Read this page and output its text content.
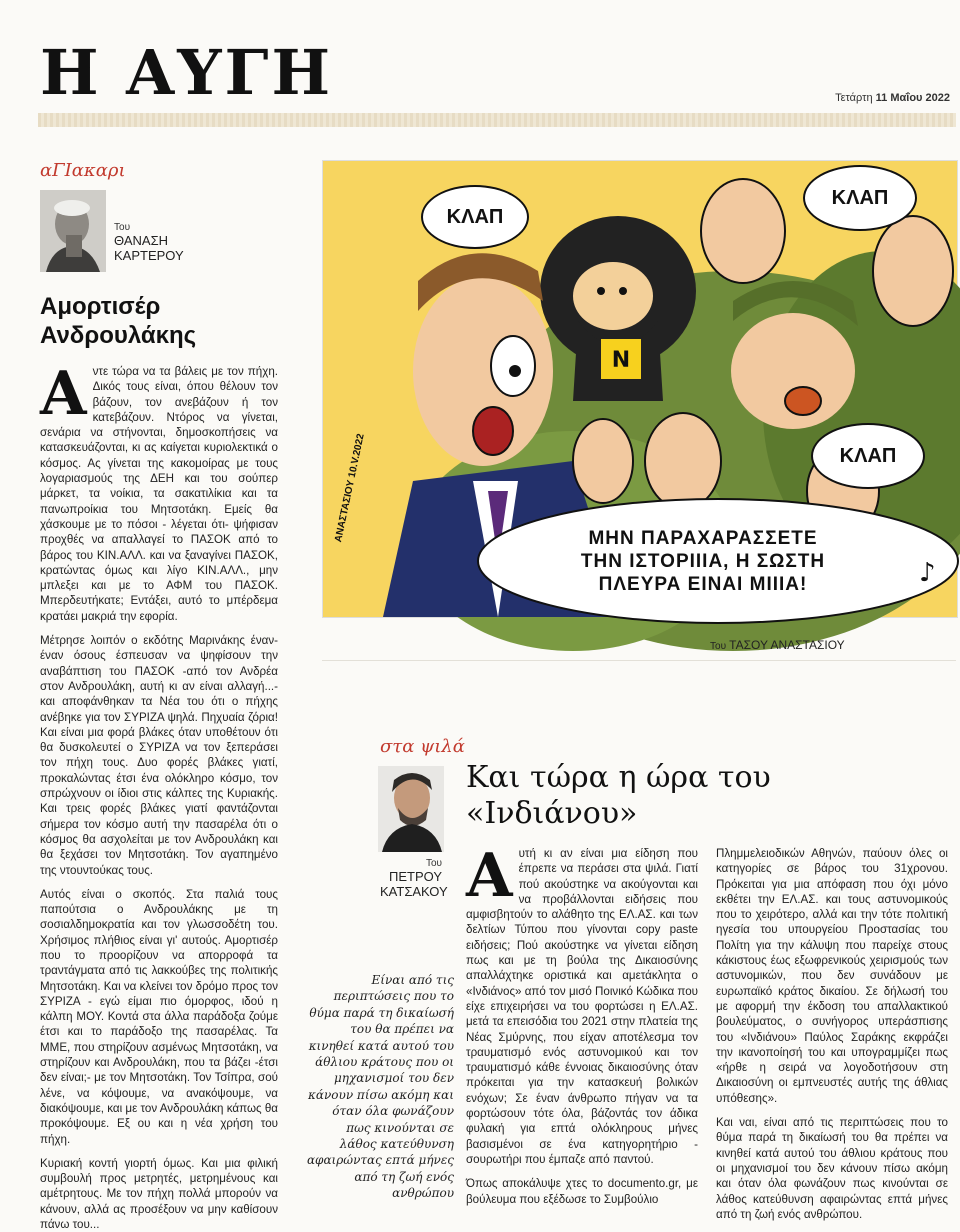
Η ΑΥΓΗ	Τετάρτη 11 Μαΐου 2022
αΓΙακαρι
Του
ΘΑΝΑΣΗ
ΚΑΡΤΕΡΟΥ
Αμορτισέρ
Ανδρουλάκης

Αντε τώρα να τα βάλεις με τον πήχη. Δικός τους είναι, όπου θέλουν τον βάζουν, τον ανεβάζουν ή τον κατεβάζουν. Ντόρος να γίνεται, σενάρια να στήνονται, δημοσκοπήσεις να κατασκευάζονται, κι ας καίγεται κυριολεκτικά ο κόσμος. Ας γίνεται της κακομοίρας με τους λογαριασμούς της ΔΕΗ και του σούπερ μάρκετ, τα νοίκια, τα σακατιλίκια και τα πανωπροίκια του Μητσοτάκη. Εμείς θα χάσκουμε με το πόσοι - λέγεται ότι- ψήφισαν προχθές να απαλλαγεί το ΠΑΣΟΚ από το βάρος του ΚΙΝ.ΑΛΛ. και να ξαναγίνει ΠΑΣΟΚ, κρατώντας όμως και λίγο ΚΙΝ.ΑΛΛ., μην μπλεξει και με το ΑΦΜ του ΠΑΣΟΚ. Μπερδευτήκατε; Εντάξει, αυτό το μπέρδεμα κρατάει μακριά την εφορία.

Μέτρησε λοιπόν ο εκδότης Μαρινάκης έναν-έναν όσους έσπευσαν να ψηφίσουν την αναβάπτιση του ΠΑΣΟΚ -από τον Ανδρέα στον Ανδρουλάκη, αυτή κι αν είναι αλλαγή...- και αποφάνθηκαν τα Νέα του ότι ο πήχης ανέβηκε για τον ΣΥΡΙΖΑ ψηλά. Πηχυαία ζόρια! Και είναι μια φορά βλάκες όταν υποθέτουν ότι θα δυσκολευτεί ο ΣΥΡΙΖΑ να τον ξεπεράσει τον πήχη τους. Δυο φορές βλάκες γιατί, προκαλώντας έτσι ένα ολόκληρο κόσμο, τον σπρώχνουν οι ίδιοι στις κάλπες της Κυριακής. Και τρεις φορές βλάκες γιατί φαντάζονται σήμερα τον κόσμο αυτή την πασαρέλα ότι ο κόσμος θα ασχολείται με τον Ανδρουλάκη και θα ξεχάσει τον Μητσοτάκη. Τον αγαπημένο της ντουντούκας τους.

Αυτός είναι ο σκοπός. Στα παλιά τους παπούτσια ο Ανδρουλάκης με τη σοσιαλδημοκρατία και τον γλωσσοδέτη του. Χρήσιμος πλήθιος είναι γι' αυτούς. Αμορτισέρ που το προορίζουν να απορροφά τα τραντάγματα από τις λακκούβες της πολιτικής Μητσοτάκη. Και να κλείνει τον δρόμο προς τον ΣΥΡΙΖΑ - εγώ είμαι πιο όμορφος, ιδού η κάλπη ΜΟΥ. Κοντά στα άλλα παράδοξα ζούμε έτσι και το παράδοξο της πασαρέλας. Τα ΜΜΕ, που στηρίζουν ασμένως Μητσοτάκη, να στηρίζουν και Ανδρουλάκη, που τα βάζει -έτσι δεν είναι;- με τον Μητσοτάκη. Τον Τσίπρα, σού λένε, να κόψουμε, να ανακόψουμε, να διακόψουμε, και με τον Ανδρουλάκη κάπως θα προκόψουμε. Εξ ου και η νέα χρήση του πήχη.

Κυριακή κοντή γιορτή όμως. Και μια φιλική συμβουλή προς μετρητές, μετρημένους και αμέτρητους. Με τον πήχη πολλά μπορούν να κάνουν, αλλά ας προσέξουν να μην καθίσουν πάνω του...

Ν
♪
ΚΛΑΠ
ΚΛΑΠ
ΚΛΑΠ
ΜΗΝ ΠΑΡΑΧΑΡΑΣΣΕΤΕ
ΤΗΝ ΙΣΤΟΡΙΙΙΑ, Η ΣΩΣΤΗ
ΠΛΕΥΡΑ ΕΙΝΑΙ ΜΙΙΙΑ!
ΑΝΑΣΤΑΣΙΟΥ 10.V.2022
Του ΤΑΣΟΥ ΑΝΑΣΤΑΣΙΟΥ
στα ψιλά
Του
ΠΕΤΡΟΥ
ΚΑΤΣΑΚΟΥ
Και τώρα η ώρα του «Ινδιάνου»
Είναι από τις περιπτώσεις που το θύμα παρά τη δικαίωσή του θα πρέπει να κινηθεί κατά αυτού του άθλιου κράτους που οι μηχανισμοί του δεν κάνουν πίσω ακόμη και όταν όλα φωνάζουν πως κινούνται σε λάθος κατεύθυνση αφαιρώντας επτά μήνες από τη ζωή ενός ανθρώπου

Αυτή κι αν είναι μια είδηση που έπρεπε να περάσει στα ψιλά. Γιατί πού ακούστηκε να ακούγονται και να προβάλλονται ειδήσεις που αμφισβητούν το αλάθητο της ΕΛ.ΑΣ. και των δελτίων Τύπου που γίνονται copy paste ειδήσεις; Πού ακούστηκε να γίνεται είδηση πως και με τη βούλα της Δικαιοσύνης απαλλάχτηκε οριστικά και αμετάκλητα ο «Ινδιάνος» από τον μισό Ποινικό Κώδικα που είχε επιχειρήσει να του φορτώσει η ΕΛ.ΑΣ. μετά τα επεισόδια του 2021 στην πλατεία της Νέας Σμύρνης, που είχαν αποτέλεσμα τον τραυματισμό ενός αστυνομικού και τον τραυματισμό κάθε έννοιας δικαιοσύνης όταν πρόκειται για την κατασκευή βολικών ενόχων; Σε έναν άνθρωπο πήγαν να τα φορτώσουν τότε όλα, βάζοντάς τον άδικα φυλακή για επτά ολόκληρους μήνες βασισμένοι σε ένα κατηγορητήριο - σουρωτήρι που έμπαζε από παντού.

Όπως αποκάλυψε χτες το documento.gr, με βούλευμα που εξέδωσε το Συμβούλιο

Πλημμελειοδικών Αθηνών, παύουν όλες οι κατηγορίες σε βάρος του 31χρονου. Πρόκειται για μια απόφαση που όχι μόνο εκθέτει την ΕΛ.ΑΣ. και τους αστυνομικούς που το χειρότερο, αλλά και την τότε πολιτική ηγεσία του υπουργείου Προστασίας του Πολίτη για την κάλυψη που παρείχε στους κάκιστους έως εξωφρενικούς χειρισμούς των αστυνομικών, που δεν συνάδουν με ευρωπαϊκό κράτος δικαίου. Σε δήλωσή του με αφορμή την έκδοση του απαλλακτικού βουλεύματος, ο συνήγορος υπεράσπισης του «Ινδιάνου» Παύλος Σαράκης εκφράζει την ικανοποίησή του και υπογραμμίζει πως «ήρθε η σειρά να λογοδοτήσουν στη Δικαιοσύνη οι εμπνευστές αυτής της άθλιας υπόθεσης».

Και ναι, είναι από τις περιπτώσεις που το θύμα παρά τη δικαίωσή του θα πρέπει να κινηθεί κατά αυτού του άθλιου κράτους που οι μηχανισμοί του δεν κάνουν πίσω ακόμη και όταν όλα φωνάζουν πως κινούνται σε λάθος κατεύθυνση αφαιρώντας επτά μήνες από τη ζωή ενός ανθρώπου.
